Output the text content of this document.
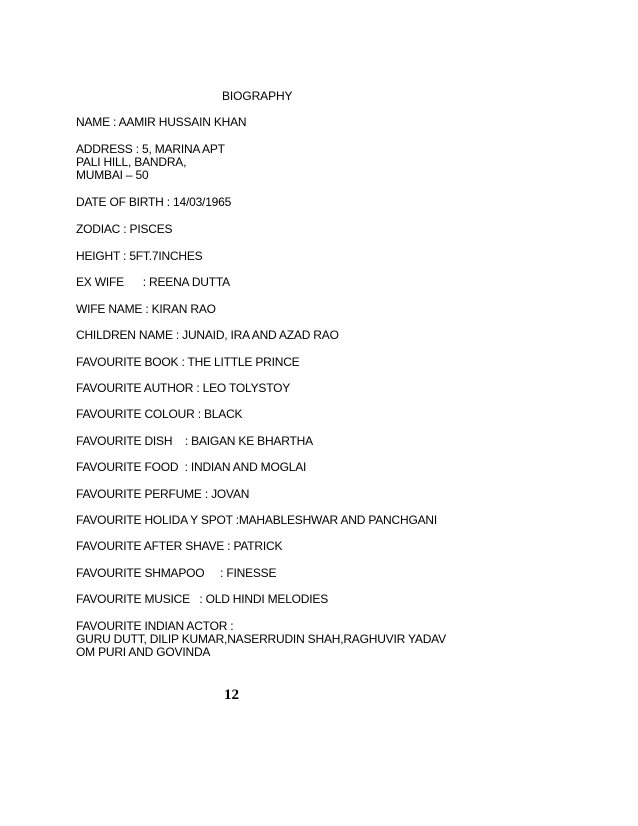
BIOGRAPHY
NAME : AAMIR HUSSAIN KHAN
ADDRESS : 5, MARINA APT
PALI HILL, BANDRA,
MUMBAI – 50
DATE OF BIRTH : 14/03/1965
ZODIAC : PISCES
HEIGHT : 5FT.7INCHES
EX WIFE      : REENA DUTTA
WIFE NAME : KIRAN RAO
CHILDREN NAME : JUNAID, IRA AND AZAD RAO
FAVOURITE BOOK : THE LITTLE PRINCE
FAVOURITE AUTHOR : LEO TOLYSTOY
FAVOURITE COLOUR : BLACK
FAVOURITE DISH    : BAIGAN KE BHARTHA
FAVOURITE FOOD  : INDIAN AND MOGLAI
FAVOURITE PERFUME : JOVAN
FAVOURITE HOLIDA Y SPOT :MAHABLESHWAR AND PANCHGANI
FAVOURITE AFTER SHAVE : PATRICK
FAVOURITE SHMAPOO     : FINESSE
FAVOURITE MUSICE   : OLD HINDI MELODIES
FAVOURITE INDIAN ACTOR :
GURU DUTT, DILIP KUMAR,NASERRUDIN SHAH,RAGHUVIR YADAV
OM PURI AND GOVINDA
12
